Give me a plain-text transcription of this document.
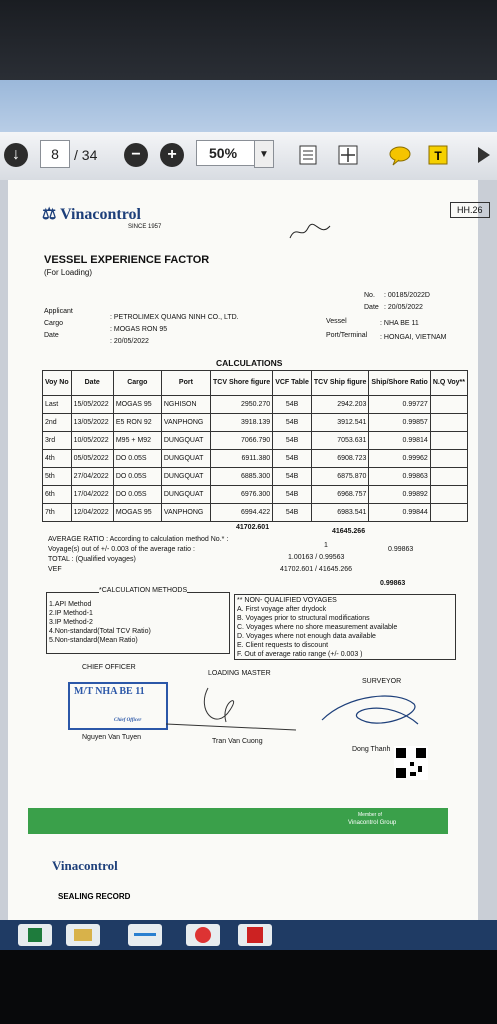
↓	8	/ 34	−	+	50%	▼	T
⚖ Vinacontrol
SINCE 1957
HH.26
VESSEL EXPERIENCE FACTOR
(For Loading)
No. : 00185/2022D
Date : 20/05/2022
Applicant
: PETROLIMEX QUANG NINH CO., LTD.
Cargo
: MOGAS RON 95
Date
: 20/05/2022
Vessel	: NHA BE 11
Port/Terminal : HONGAI, VIETNAM
CALCULATIONS
Voy No	Date	Cargo	Port	TCV Shore figure	VCF Table	TCV Ship figure	Ship/Shore Ratio	N.Q Voy**
Last	15/05/2022	MOGAS 95	NGHISON	2950.270	54B	2942.203	0.99727	
2nd	13/05/2022	E5 RON 92	VANPHONG	3918.139	54B	3912.541	0.99857	
3rd	10/05/2022	M95 + M92	DUNGQUAT	7066.790	54B	7053.631	0.99814	
4th	05/05/2022	DO 0.05S	DUNGQUAT	6911.380	54B	6908.723	0.99962	
5th	27/04/2022	DO 0.05S	DUNGQUAT	6885.300	54B	6875.870	0.99863	
6th	17/04/2022	DO 0.05S	DUNGQUAT	6976.300	54B	6968.757	0.99892	
7th	12/04/2022	MOGAS 95	VANPHONG	6994.422	54B	6983.541	0.99844	
41702.601
41645.266
AVERAGE RATIO : According to calculation method No.* :
1
0.99863
Voyage(s) out of +/- 0.003 of the average ratio :
1.00163 / 0.99563
TOTAL : (Qualified voyages)
41702.601 / 41645.266
VEF
0.99863
*CALCULATION METHODS
1.API Method
2.IP Method-1
3.IP Method-2
4.Non-standard(Total TCV Ratio)
5.Non-standard(Mean Ratio)
** NON- QUALIFIED VOYAGES
A. First voyage after drydock
B. Voyages prior to structural modifications
C. Voyages where no shore measurement available
D. Voyages where not enough data available
E. Client requests to discount
F. Out of average ratio range (+/- 0.003 )
CHIEF OFFICER
LOADING MASTER
SURVEYOR
M/T NHA BE 11
Chief Officer
Nguyen Van Tuyen
Tran Van Cuong
Dong Thanh
Member of
Vinacontrol Group
Vinacontrol
SEALING RECORD
